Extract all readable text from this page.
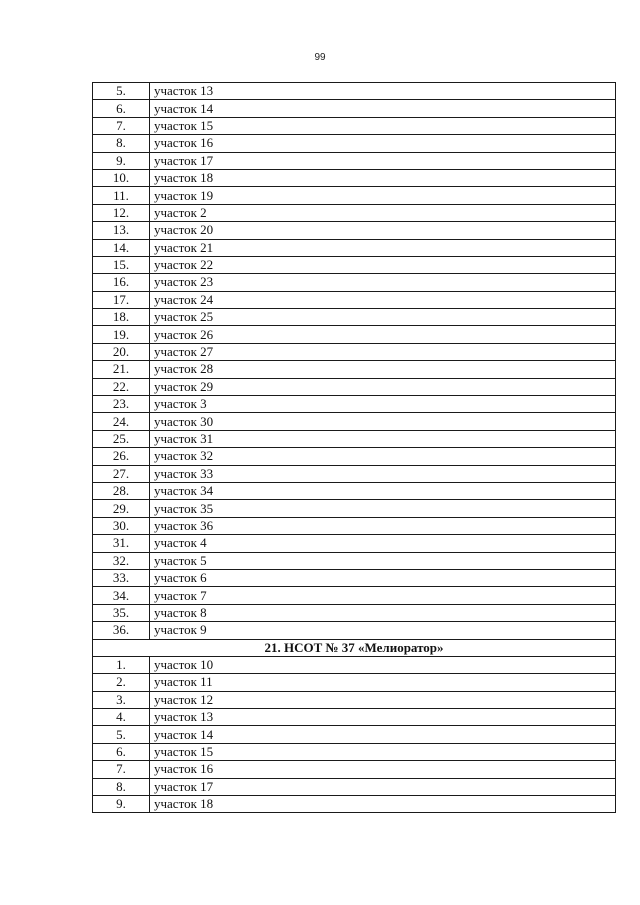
99
5.	участок 13
6.	участок 14
7.	участок 15
8.	участок 16
9.	участок 17
10.	участок 18
11.	участок 19
12.	участок 2
13.	участок 20
14.	участок 21
15.	участок 22
16.	участок 23
17.	участок 24
18.	участок 25
19.	участок 26
20.	участок 27
21.	участок 28
22.	участок 29
23.	участок 3
24.	участок 30
25.	участок 31
26.	участок 32
27.	участок 33
28.	участок 34
29.	участок 35
30.	участок 36
31.	участок 4
32.	участок 5
33.	участок 6
34.	участок 7
35.	участок 8
36.	участок 9
21. НСОТ № 37 «Мелиоратор»	
1.	участок 10
2.	участок 11
3.	участок 12
4.	участок 13
5.	участок 14
6.	участок 15
7.	участок 16
8.	участок 17
9.	участок 18
